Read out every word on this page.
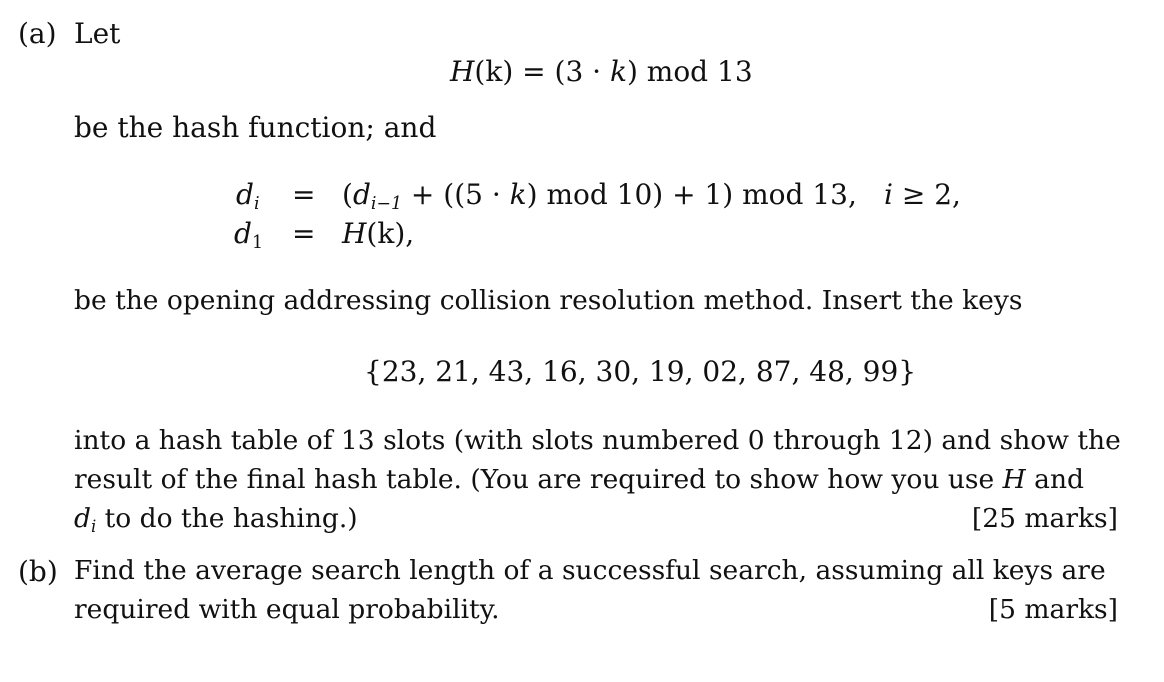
(a) Let
H(k) = (3 · k) mod 13
be the hash function; and
$d_i = (d_{i-1} + ((5 \cdot k)$ mod 10) + 1) mod 13, i ≥ 2,
$d_1 = H(k)$,
be the opening addressing collision resolution method. Insert the keys
{23, 21, 43, 16, 30, 19, 02, 87, 48, 99}
into a hash table of 13 slots (with slots numbered 0 through 12) and show the
result of the final hash table. (You are required to show how you use H and
$d_i$ to do the hashing.)	[25 marks]
(b) Find the average search length of a successful search, assuming all keys are
required with equal probability.	[5 marks]
